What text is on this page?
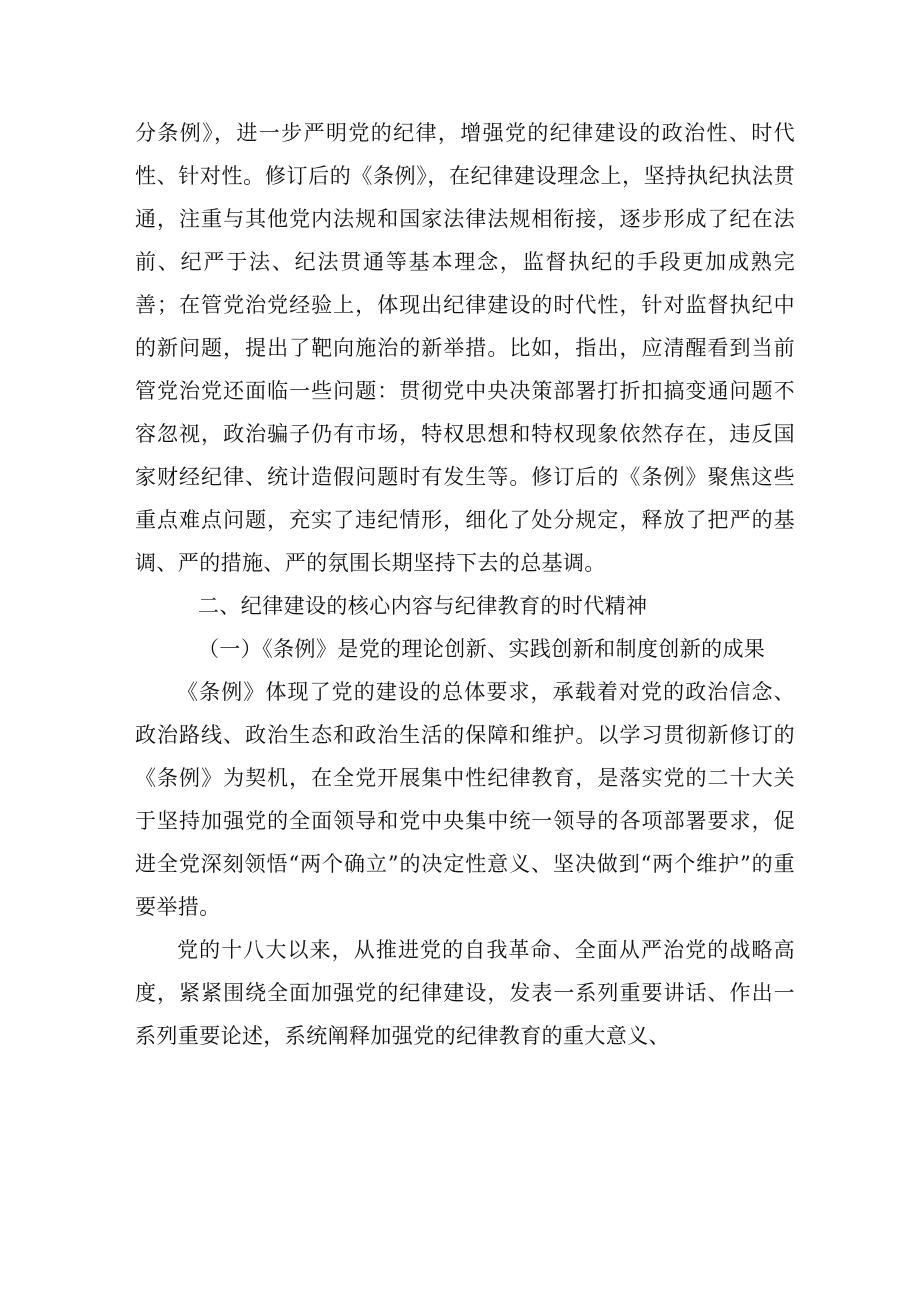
分条例》，进一步严明党的纪律，增强党的纪律建设的政治性、时代性、针对性。修订后的《条例》，在纪律建设理念上，坚持执纪执法贯通，注重与其他党内法规和国家法律法规相衔接，逐步形成了纪在法前、纪严于法、纪法贯通等基本理念，监督执纪的手段更加成熟完善；在管党治党经验上，体现出纪律建设的时代性，针对监督执纪中的新问题，提出了靶向施治的新举措。比如，指出，应清醒看到当前管党治党还面临一些问题：贯彻党中央决策部署打折扣搞变通问题不容忽视，政治骗子仍有市场，特权思想和特权现象依然存在，违反国家财经纪律、统计造假问题时有发生等。修订后的《条例》聚焦这些重点难点问题，充实了违纪情形，细化了处分规定，释放了把严的基调、严的措施、严的氛围长期坚持下去的总基调。

二、纪律建设的核心内容与纪律教育的时代精神

（一）《条例》是党的理论创新、实践创新和制度创新的成果

《条例》体现了党的建设的总体要求，承载着对党的政治信念、政治路线、政治生态和政治生活的保障和维护。以学习贯彻新修订的《条例》为契机，在全党开展集中性纪律教育，是落实党的二十大关于坚持加强党的全面领导和党中央集中统一领导的各项部署要求，促进全党深刻领悟“两个确立”的决定性意义、坚决做到“两个维护”的重要举措。

党的十八大以来，从推进党的自我革命、全面从严治党的战略高度，紧紧围绕全面加强党的纪律建设，发表一系列重要讲话、作出一系列重要论述，系统阐释加强党的纪律教育的重大意义、
